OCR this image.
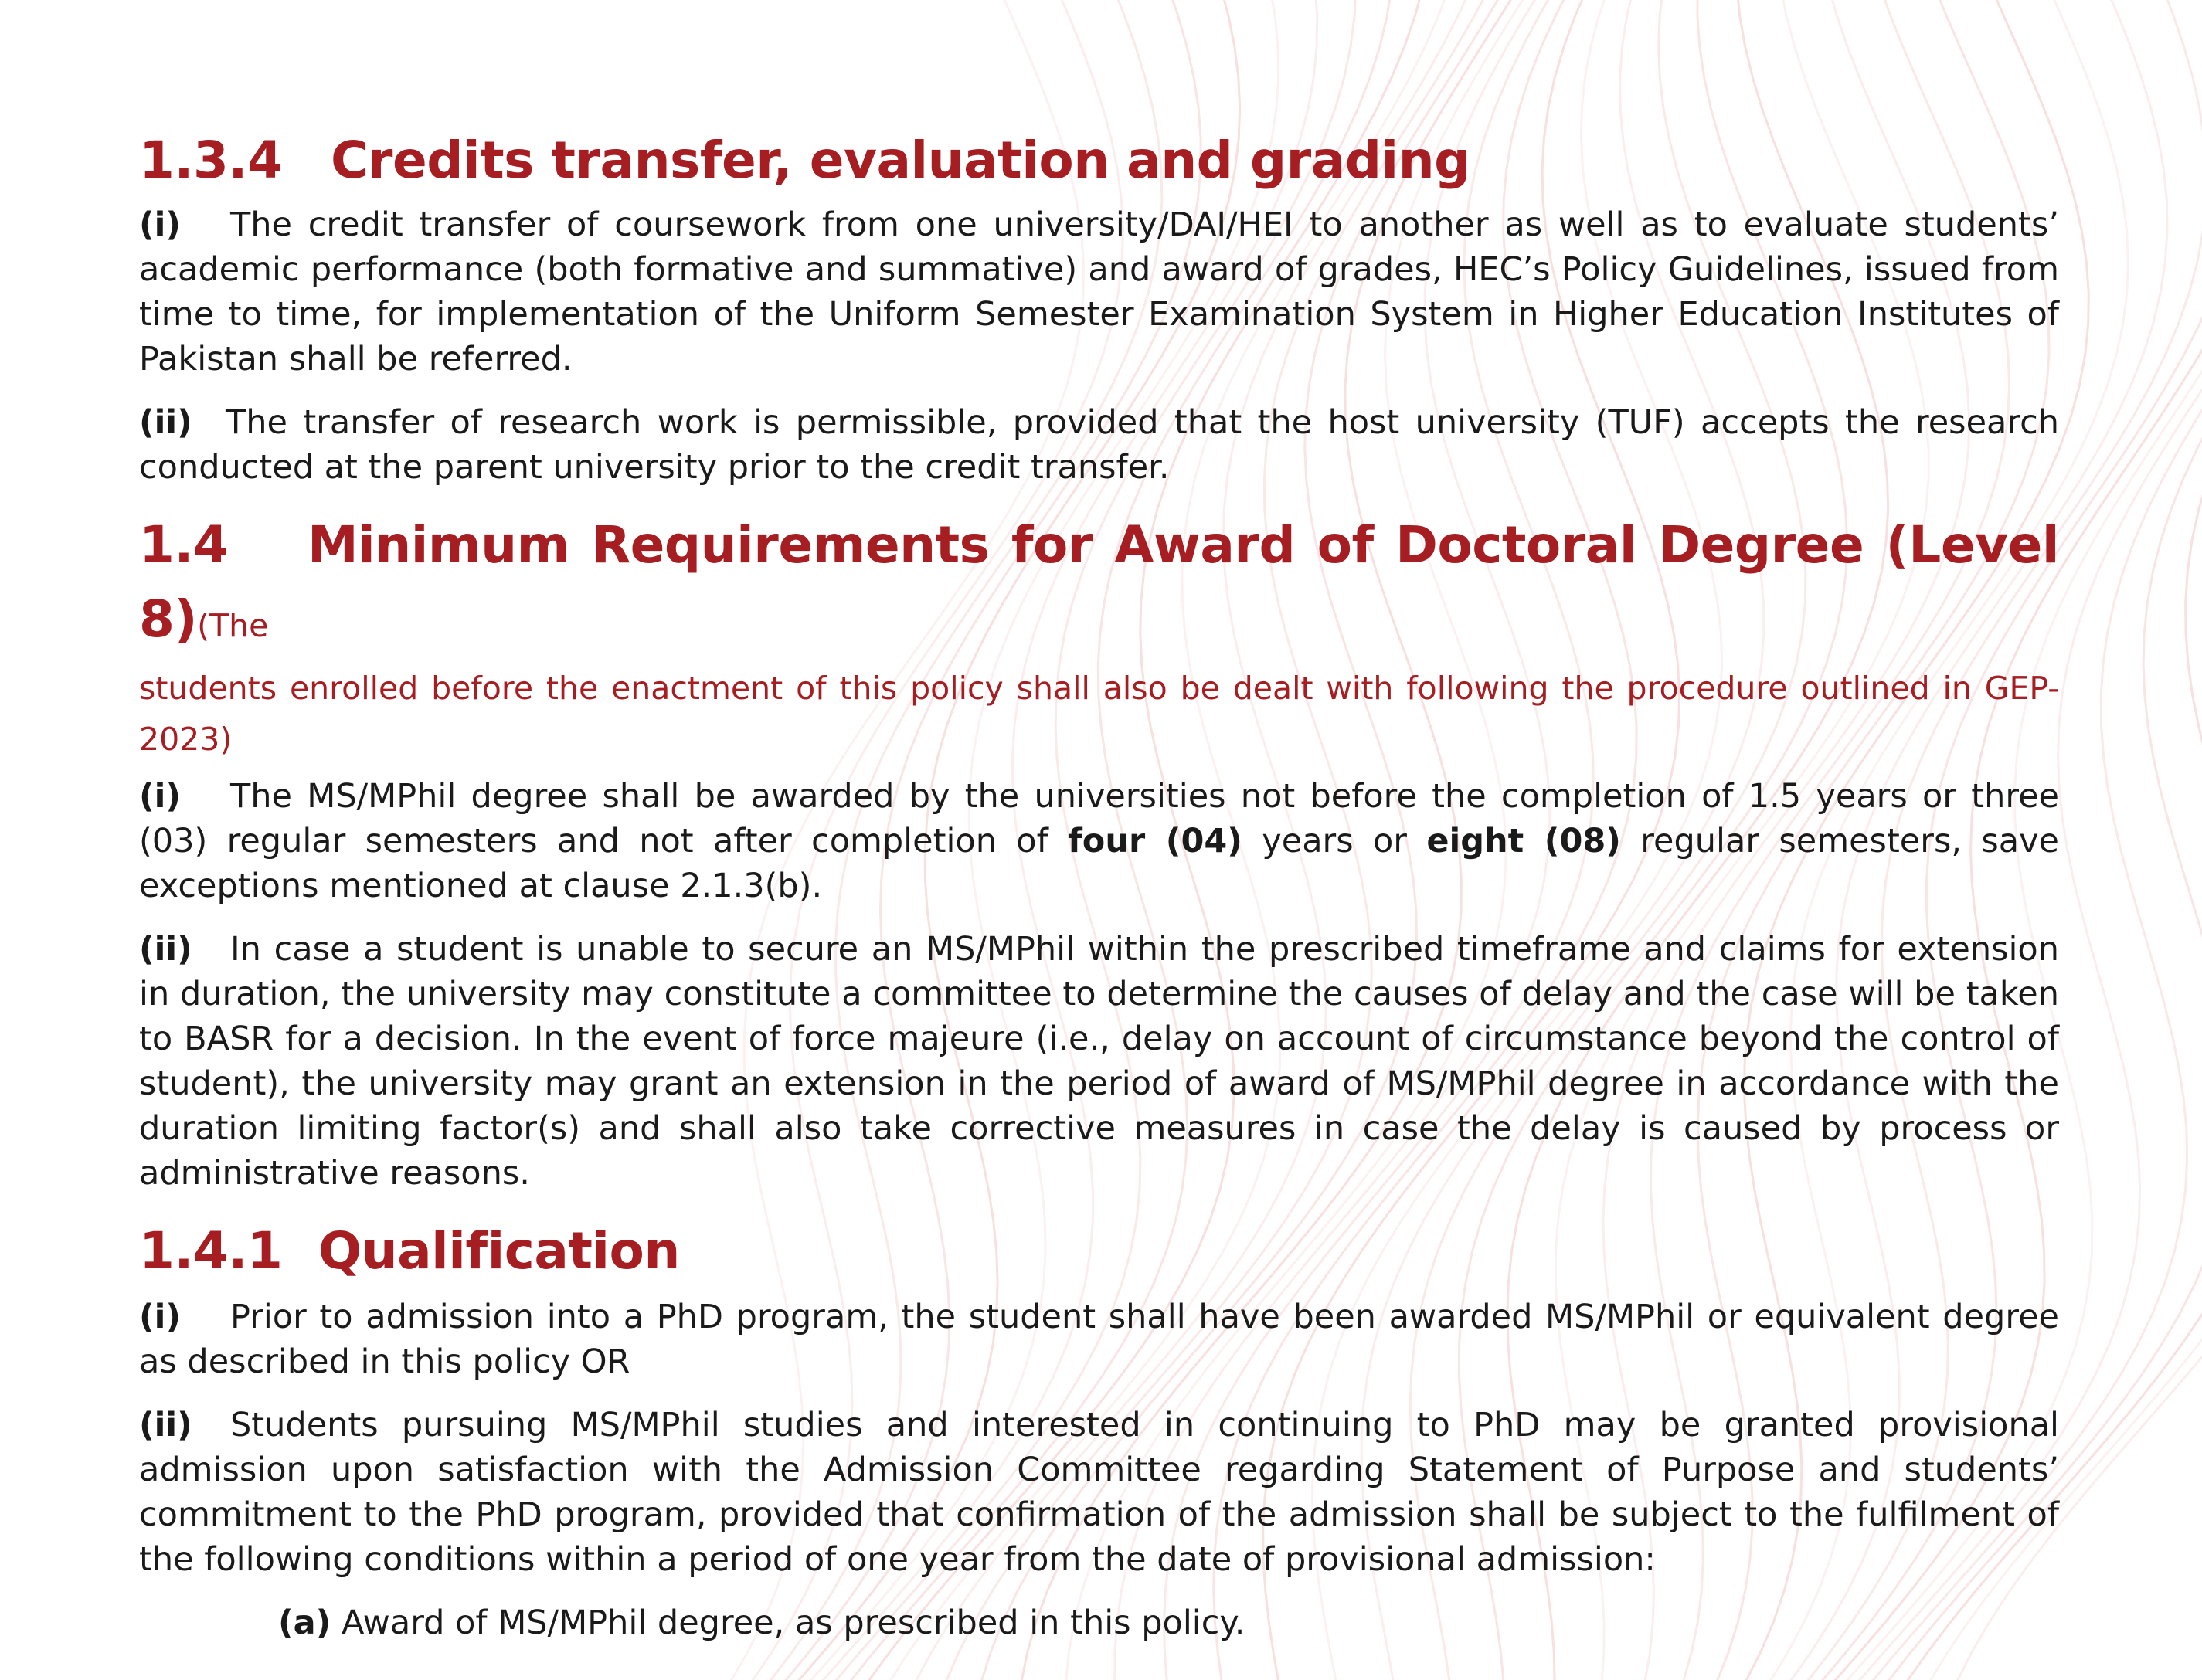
1.3.4 Credits transfer, evaluation and grading

(i) The credit transfer of coursework from one university/DAI/HEI to another as well as to evaluate students’ academic performance (both formative and summative) and award of grades, HEC’s Policy Guidelines, issued from time to time, for implementation of the Uniform Semester Examination System in Higher Education Institutes of Pakistan shall be referred.

(ii) The transfer of research work is permissible, provided that the host university (TUF) accepts the research conducted at the parent university prior to the credit transfer.

1.4 Minimum Requirements for Award of Doctoral Degree (Level 8)(The
students enrolled before the enactment of this policy shall also be dealt with following the procedure outlined in GEP-2023)

(i) The MS/MPhil degree shall be awarded by the universities not before the completion of 1.5 years or three (03) regular semesters and not after completion of four (04) years or eight (08) regular semesters, save exceptions mentioned at clause 2.1.3(b).

(ii) In case a student is unable to secure an MS/MPhil within the prescribed timeframe and claims for extension in duration, the university may constitute a committee to determine the causes of delay and the case will be taken to BASR for a decision. In the event of force majeure (i.e., delay on account of circumstance beyond the control of student), the university may grant an extension in the period of award of MS/MPhil degree in accordance with the duration limiting factor(s) and shall also take corrective measures in case the delay is caused by process or administrative reasons.

1.4.1 Qualification

(i) Prior to admission into a PhD program, the student shall have been awarded MS/MPhil or equivalent degree as described in this policy OR

(ii) Students pursuing MS/MPhil studies and interested in continuing to PhD may be granted provisional admission upon satisfaction with the Admission Committee regarding Statement of Purpose and students’ commitment to the PhD program, provided that confirmation of the admission shall be subject to the fulfilment of the following conditions within a period of one year from the date of provisional admission:

(a) Award of MS/MPhil degree, as prescribed in this policy.
